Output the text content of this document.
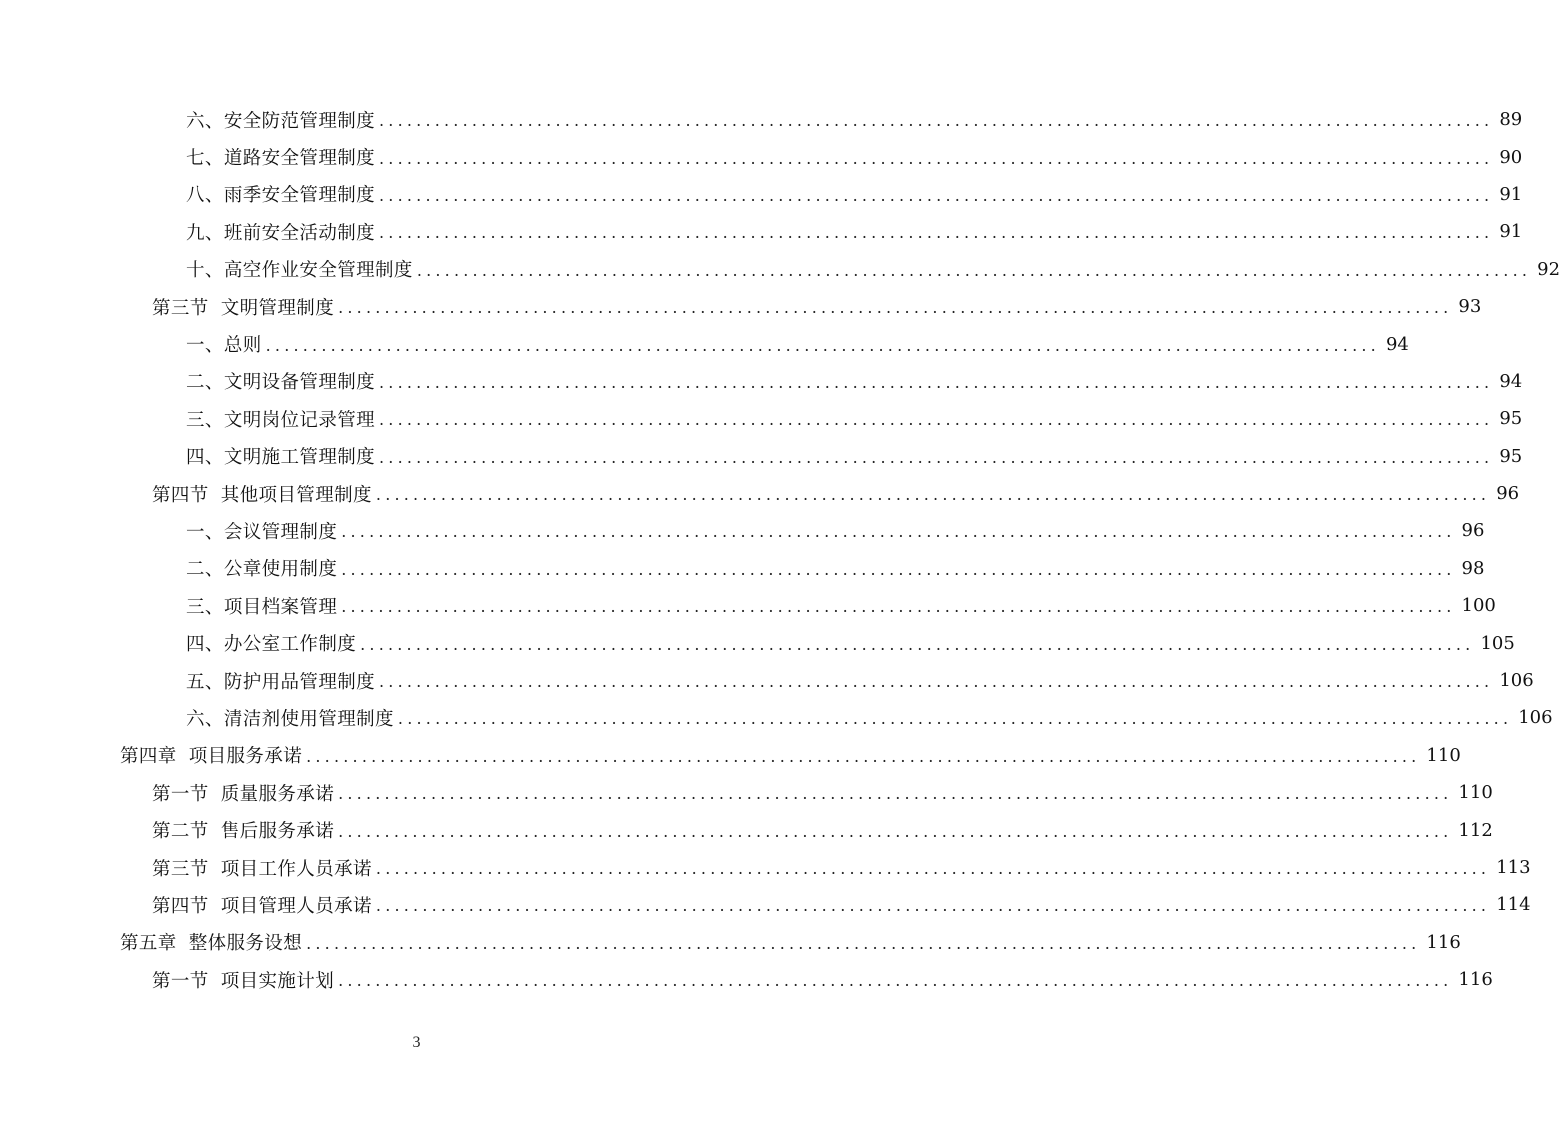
六、安全防范管理制度 ........................................................................................................................ 89
七、道路安全管理制度 ........................................................................................................................ 90
八、雨季安全管理制度 ........................................................................................................................ 91
九、班前安全活动制度 ........................................................................................................................ 91
十、高空作业安全管理制度 ........................................................................................................................ 92
第三节 文明管理制度 ........................................................................................................................ 93
一、总则 ........................................................................................................................ 94
二、文明设备管理制度 ........................................................................................................................ 94
三、文明岗位记录管理 ........................................................................................................................ 95
四、文明施工管理制度 ........................................................................................................................ 95
第四节 其他项目管理制度 ........................................................................................................................ 96
一、会议管理制度 ........................................................................................................................ 96
二、公章使用制度 ........................................................................................................................ 98
三、项目档案管理 ........................................................................................................................ 100
四、办公室工作制度 ........................................................................................................................ 105
五、防护用品管理制度 ........................................................................................................................ 106
六、清洁剂使用管理制度 ........................................................................................................................ 106
第四章 项目服务承诺 ........................................................................................................................ 110
第一节 质量服务承诺 ........................................................................................................................ 110
第二节 售后服务承诺 ........................................................................................................................ 112
第三节 项目工作人员承诺 ........................................................................................................................ 113
第四节 项目管理人员承诺 ........................................................................................................................ 114
第五章 整体服务设想 ........................................................................................................................ 116
第一节 项目实施计划 ........................................................................................................................ 116
3
